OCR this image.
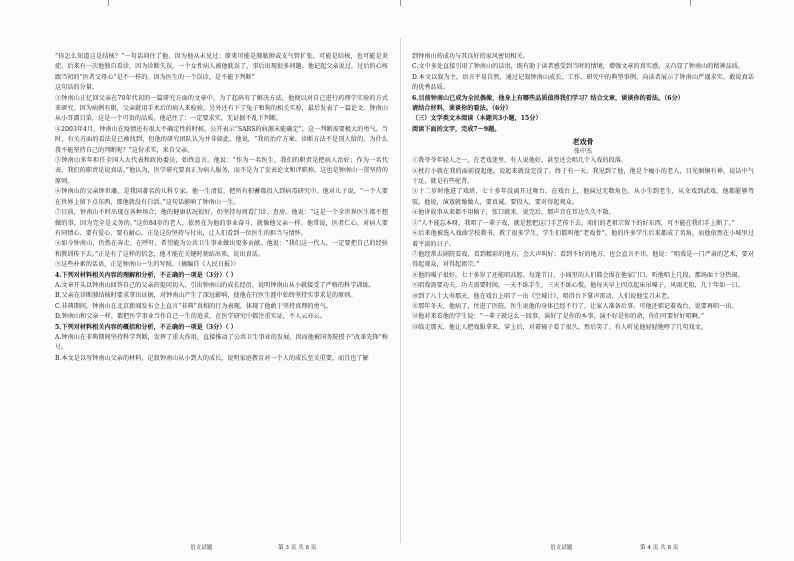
“你怎么知道这是结核？”一句话问住了他，因为他从未见过；原来可能是肺脓肿或支气管扩张，可能是结核，也可能是炎症。后来有一次他独自看诊，因为诊断失误，一个女性病人被他耽误了，事后出现很多问题。他记起父亲说过，过后的心疼跟当初的“医者父母心”是不一样的。因为医生的一个误诊，是不能下判断”

这句话的分量。

③钟南山正忆回父亲在70年代初的一篇研究方面的文章中，为了起码有了解决方法，他便以对自己进行药理学实验的方式来研究。因为病例有限，父亲就用手术后的病人来检验，另外还有下了兔子和狗的相关实验，最后发表了一篇论文。钟南山从小耳濡目染，这是一个可贵的品质，他记住了：一定要求实，无证据不乱下判断。

④2003年4月，钟南山在疫情还有很大不确定性的时候，公开表示“SARS的病源未能确定”，这一判断需要极大的勇气。当时，有关方面的看法是已被找到，但他的研究团队认为并非如此。他说，“我的治疗方案、诊断方法不是别人给的，为什么我不能坚持自己的判断呢？”这份求实，来自父亲。

⑤钟南山多年担任全国人大代表和政协委员，始终直言。他说：“作为一名医生，我们的职责是把病人治好；作为一名代表，我们的职责是说真话。”他认为，医学研究要真正为病人服务，而不是为了发表论文和评职称，这也是钟南山一贯坚持的原则。

⑥钟南山的父亲钟世藩，是我国著名的儿科专家。他一生清贫，把所有积蓄都投入到病毒研究中。他对儿子说，“一个人要在世界上留下点东西，那他就没有白活。”这句话影响了钟南山一生。

⑦目前，钟南山不时出现在各种场合，他的健康状况很好，仍坚持每周看门诊、查房。他说：“这是一个全世界医生都不想做的事，因为完全是义务的。”这位84岁的老人，依然在为他的事业奋斗，就像他父亲一样。他常说，医者仁心，对病人要有同情心、要有爱心、要有耐心。正是这份坚持与付出，让人们看到一位医生的担当与情怀。

⑧如今钟南山，仍然在奔走、在呼吁，希望能为公共卫生事业做出更多贡献。他说：“我们这一代人，一定要把自己的经验和教训传下去。”正是有了这样的信念，他才能在关键时刻站出来，说出真话。

⑨这些朴素的话语，正是钟南山一生的写照。（摘编自《人民日报》）

4.下列对材料相关内容的理解和分析，不正确的一项是（3分）（ ）

A.文章开头以钟南山回答自己的父亲的提问切入，引出钟南山的成长经历，说明钟南山从小就接受了严格的科学训练。

B.父亲在诊断肺结核时要求拿出证据，对钟南山产生了深远影响，使他在行医生涯中始终坚持实事求是的原则。

C.非典期间，钟南山在北京新闻发布会上直言“非典”真相的行为表现，体现了他敢于坚持真理的勇气。

D.钟南山和父亲一样，都把医学事业当作自己一生的追求，在医学研究中都注重实证，不人云亦云。

5.下列对材料相关内容的概括和分析，不正确的一项是（3分）（ ）

A.钟南山在非典期间坚持科学判断，发挥了重大作用，直接推动了公共卫生事业的发展，因而他被国务院授予“改革先锋”称号。

B.本文是以写钟南山父亲的材料，记叙钟南山从小到大的成长，说明家庭教育对一个人的成长至关重要，而且也了解

到钟南山的成功与其良好的家风密切相关。

C.文中多处直接引用了钟南山的话语，既有助于读者感受到当时的情境，增强文章的真实感，又凸显了钟南山的精神品质。

D.本文以叙为主，语言平易自然，通过记叙钟南山成长、工作、研究中的典型事例，向读者展示了钟南山严谨求实、敢说真话的优秀品质。

6.目前钟南山已成为全民偶像，他身上有哪些品质值得我们学习？结合文章，谈谈你的看法。（6分）

请结合材料，谈谈你的看法。（6分）

（三）文学类文本阅读（本题共3小题，15分）

阅读下面的文字，完成7～9题。

老戏骨
张中杰

①我爷爷年轻人之一，在老戏迷里，有人说他好。甚至还会唱几个入戏的段落。

②枕打小就在我的面前提起他，说起来就没完没了。终于有一天，我见到了他，他是个瘦小的老人，目光炯炯有神，说话中气十足，就是有些驼背。

③十二岁时他进了戏班，七十多年没离开过舞台。在戏台上，他演过无数角色。从小生到老生，从文戏到武戏，他都能够驾驭。他说，演戏就像做人，要真诚，要投入，要对得起观众。

④他讲故事从来都不用稿子，张口就来。说完后，那声音在耳边久久不散。

⑤“人不能忘本呀，我唱了一辈子戏，就是想把这门手艺传下去，咱们的老祖宗留下的好东西，可不能在我们手上断了。”

⑥后来他被选入戏曲学校教书，教了很多学生，学生们都叫他“老戏骨”。他的许多学生后来都成了名角，而他依然在小城里过着平淡的日子。

⑦他经常去剧院看戏，看到精彩的地方，会大声叫好；看到不好的地方，也会直言不讳。他说：“唱戏是一门严肃的艺术，要对得起观众，对得起祖宗。”

⑧他的嗓子很好，七十多岁了还能唱高腔。每逢节日，小城里的人们都会围在他家门口，听他唱上几段，那场面十分热闹。

⑨唱戏需要功夫，功夫需要时间，一天不练手生，三天不练心慌。他每天早上四点起床吊嗓子，风雨无阻，几十年如一日。

⑩到了八十大寿那天，他在戏台上唱了一出《空城计》，唱得台下掌声雷动，人们说他宝刀未老。

⑪那年冬天，他病了，住进了医院。医生说他的身体已经不行了，让家人准备后事。可他还惦记着戏台，说要再唱一出。

⑫他对来看他的学生说：“一辈子就这么一回事，演好了是你的本事，演不好是你的命，你们可要好好唱啊。”

⑬临走那天，他让人把戏服拿来，穿上后，对着镜子看了很久，然后笑了。有人听见他轻轻地哼了几句戏文。

语文试题	第 3 页 共 8 页	语文试题	第 4 页 共 8 页
